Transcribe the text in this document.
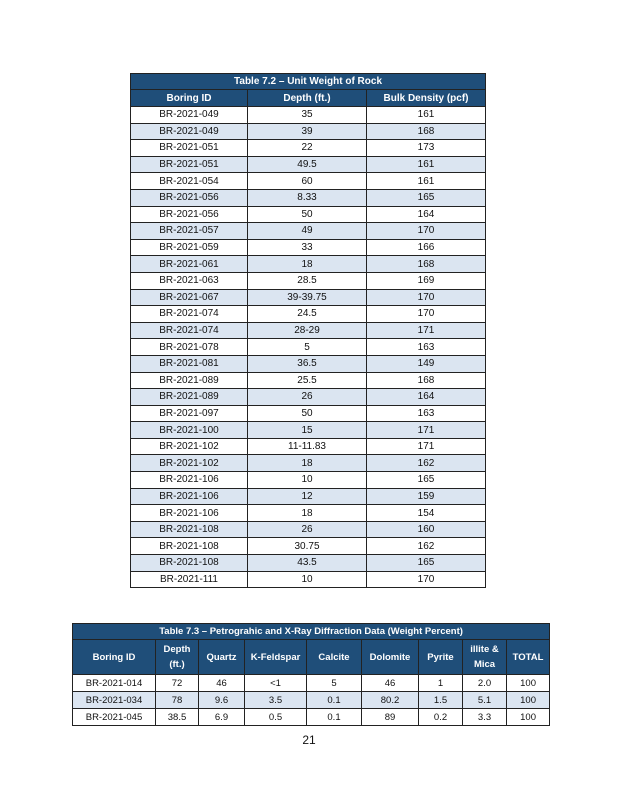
Table 7.2 – Unit Weight of Rock		
Boring ID	Depth (ft.)	Bulk Density (pcf)
BR-2021-049	35	161
BR-2021-049	39	168
BR-2021-051	22	173
BR-2021-051	49.5	161
BR-2021-054	60	161
BR-2021-056	8.33	165
BR-2021-056	50	164
BR-2021-057	49	170
BR-2021-059	33	166
BR-2021-061	18	168
BR-2021-063	28.5	169
BR-2021-067	39-39.75	170
BR-2021-074	24.5	170
BR-2021-074	28-29	171
BR-2021-078	5	163
BR-2021-081	36.5	149
BR-2021-089	25.5	168
BR-2021-089	26	164
BR-2021-097	50	163
BR-2021-100	15	171
BR-2021-102	11-11.83	171
BR-2021-102	18	162
BR-2021-106	10	165
BR-2021-106	12	159
BR-2021-106	18	154
BR-2021-108	26	160
BR-2021-108	30.75	162
BR-2021-108	43.5	165
BR-2021-111	10	170
Table 7.3 – Petrograhic and X-Ray Diffraction Data (Weight Percent)								
Boring ID	Depth (ft.)	Quartz	K-Feldspar	Calcite	Dolomite	Pyrite	illite & Mica	TOTAL
BR-2021-014	72	46	<1	5	46	1	2.0	100
BR-2021-034	78	9.6	3.5	0.1	80.2	1.5	5.1	100
BR-2021-045	38.5	6.9	0.5	0.1	89	0.2	3.3	100
21
